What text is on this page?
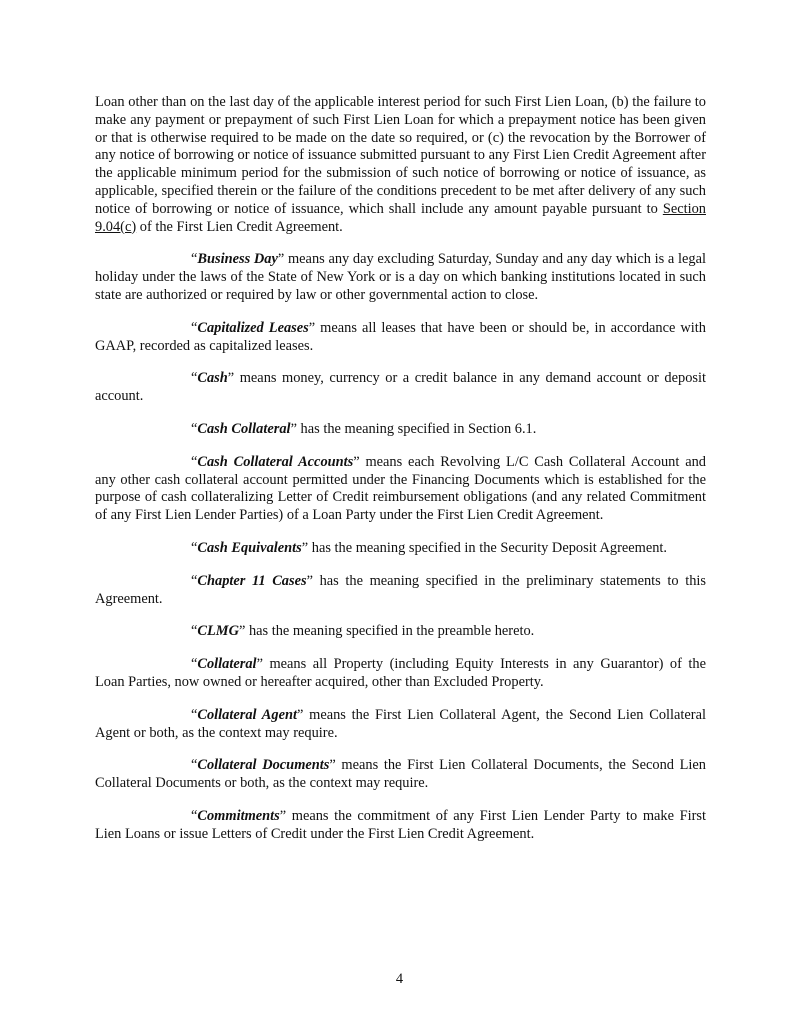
Loan other than on the last day of the applicable interest period for such First Lien Loan, (b) the failure to make any payment or prepayment of such First Lien Loan for which a prepayment notice has been given or that is otherwise required to be made on the date so required, or (c) the revocation by the Borrower of any notice of borrowing or notice of issuance submitted pursuant to any First Lien Credit Agreement after the applicable minimum period for the submission of such notice of borrowing or notice of issuance, as applicable, specified therein or the failure of the conditions precedent to be met after delivery of any such notice of borrowing or notice of issuance, which shall include any amount payable pursuant to Section 9.04(c) of the First Lien Credit Agreement.

“Business Day” means any day excluding Saturday, Sunday and any day which is a legal holiday under the laws of the State of New York or is a day on which banking institutions located in such state are authorized or required by law or other governmental action to close.

“Capitalized Leases” means all leases that have been or should be, in accordance with GAAP, recorded as capitalized leases.

“Cash” means money, currency or a credit balance in any demand account or deposit account.

“Cash Collateral” has the meaning specified in Section 6.1.

“Cash Collateral Accounts” means each Revolving L/C Cash Collateral Account and any other cash collateral account permitted under the Financing Documents which is established for the purpose of cash collateralizing Letter of Credit reimbursement obligations (and any related Commitment of any First Lien Lender Parties) of a Loan Party under the First Lien Credit Agreement.

“Cash Equivalents” has the meaning specified in the Security Deposit Agreement.

“Chapter 11 Cases” has the meaning specified in the preliminary statements to this Agreement.

“CLMG” has the meaning specified in the preamble hereto.

“Collateral” means all Property (including Equity Interests in any Guarantor) of the Loan Parties, now owned or hereafter acquired, other than Excluded Property.

“Collateral Agent” means the First Lien Collateral Agent, the Second Lien Collateral Agent or both, as the context may require.

“Collateral Documents” means the First Lien Collateral Documents, the Second Lien Collateral Documents or both, as the context may require.

“Commitments” means the commitment of any First Lien Lender Party to make First Lien Loans or issue Letters of Credit under the First Lien Credit Agreement.

4
